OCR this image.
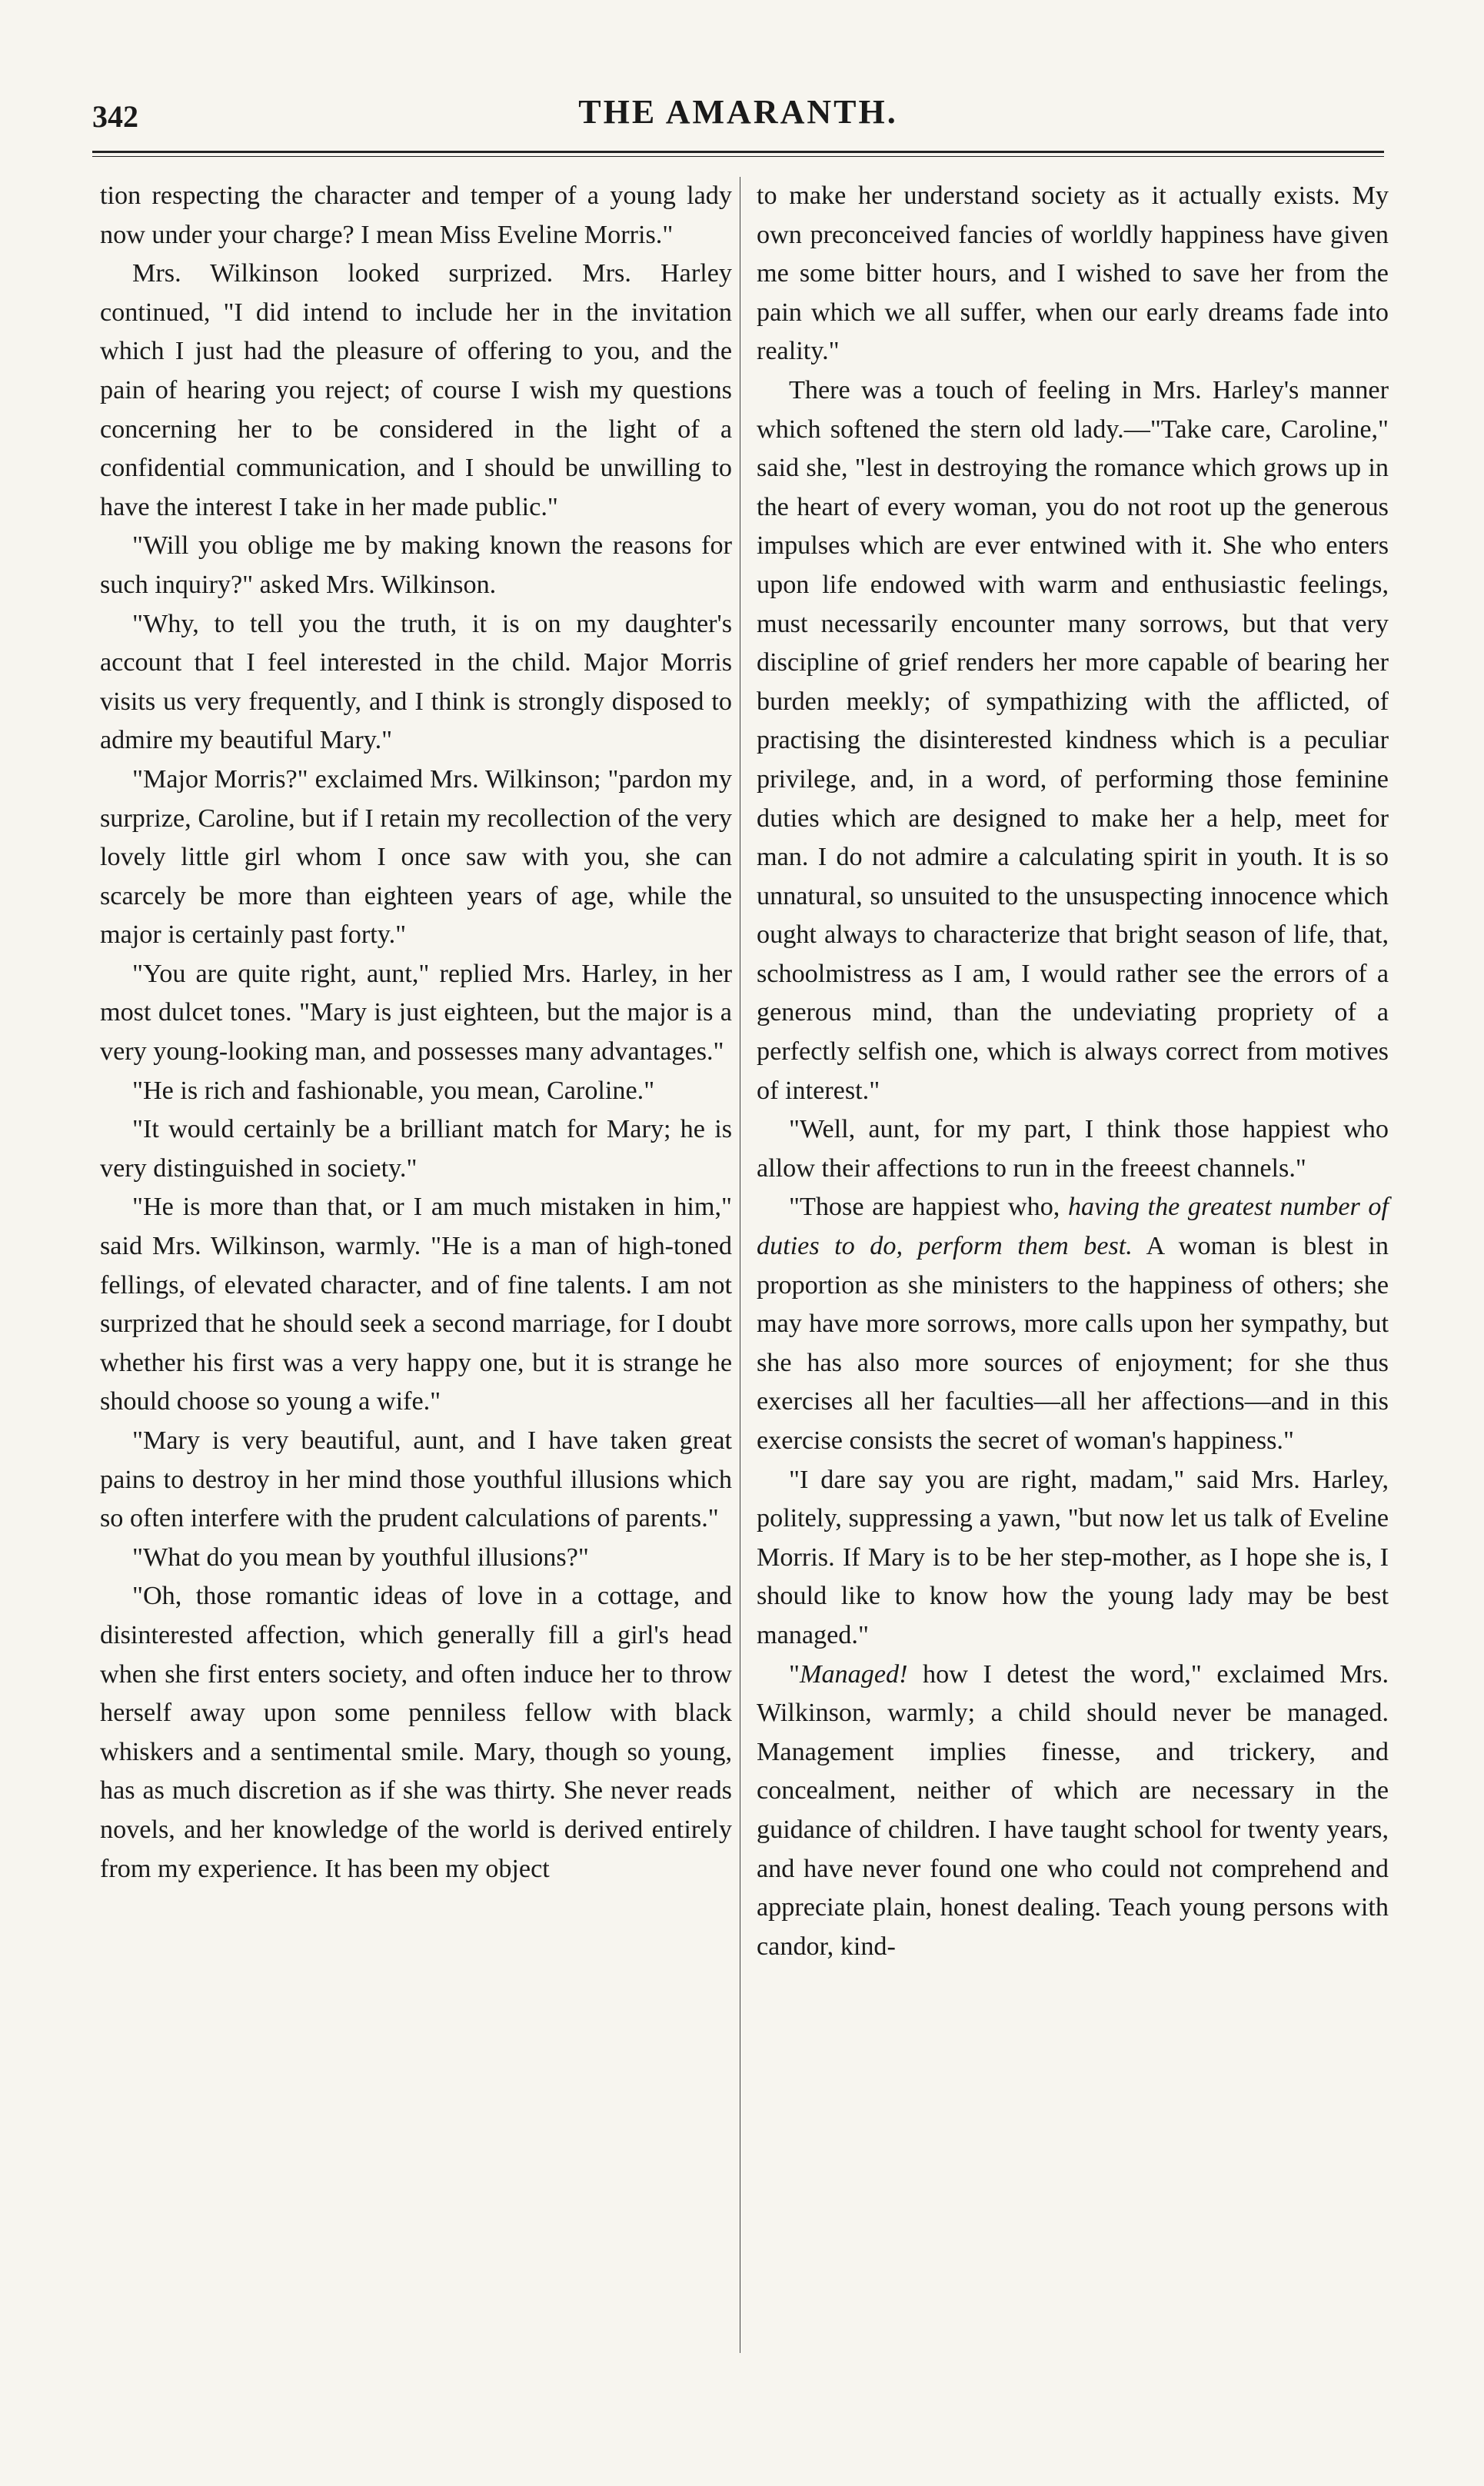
342	THE AMARANTH.

tion respecting the character and temper of a young lady now under your charge? I mean Miss Eveline Morris."

Mrs. Wilkinson looked surprized. Mrs. Harley continued, "I did intend to include her in the invitation which I just had the pleasure of offering to you, and the pain of hearing you reject; of course I wish my questions concerning her to be considered in the light of a confidential communication, and I should be unwilling to have the interest I take in her made public."

"Will you oblige me by making known the reasons for such inquiry?" asked Mrs. Wilkinson.

"Why, to tell you the truth, it is on my daughter's account that I feel interested in the child. Major Morris visits us very frequently, and I think is strongly disposed to admire my beautiful Mary."

"Major Morris?" exclaimed Mrs. Wilkinson; "pardon my surprize, Caroline, but if I retain my recollection of the very lovely little girl whom I once saw with you, she can scarcely be more than eighteen years of age, while the major is certainly past forty."

"You are quite right, aunt," replied Mrs. Harley, in her most dulcet tones. "Mary is just eighteen, but the major is a very young-looking man, and possesses many advantages."

"He is rich and fashionable, you mean, Caroline."

"It would certainly be a brilliant match for Mary; he is very distinguished in society."

"He is more than that, or I am much mistaken in him," said Mrs. Wilkinson, warmly. "He is a man of high-toned fellings, of elevated character, and of fine talents. I am not surprized that he should seek a second marriage, for I doubt whether his first was a very happy one, but it is strange he should choose so young a wife."

"Mary is very beautiful, aunt, and I have taken great pains to destroy in her mind those youthful illusions which so often interfere with the prudent calculations of parents."

"What do you mean by youthful illusions?"

"Oh, those romantic ideas of love in a cottage, and disinterested affection, which generally fill a girl's head when she first enters society, and often induce her to throw herself away upon some penniless fellow with black whiskers and a sentimental smile. Mary, though so young, has as much discretion as if she was thirty. She never reads novels, and her knowledge of the world is derived entirely from my experience. It has been my object

to make her understand society as it actually exists. My own preconceived fancies of worldly happiness have given me some bitter hours, and I wished to save her from the pain which we all suffer, when our early dreams fade into reality."

There was a touch of feeling in Mrs. Harley's manner which softened the stern old lady.—"Take care, Caroline," said she, "lest in destroying the romance which grows up in the heart of every woman, you do not root up the generous impulses which are ever entwined with it. She who enters upon life endowed with warm and enthusiastic feelings, must necessarily encounter many sorrows, but that very discipline of grief renders her more capable of bearing her burden meekly; of sympathizing with the afflicted, of practising the disinterested kindness which is a peculiar privilege, and, in a word, of performing those feminine duties which are designed to make her a help, meet for man. I do not admire a calculating spirit in youth. It is so unnatural, so unsuited to the unsuspecting innocence which ought always to characterize that bright season of life, that, schoolmistress as I am, I would rather see the errors of a generous mind, than the undeviating propriety of a perfectly selfish one, which is always correct from motives of interest."

"Well, aunt, for my part, I think those happiest who allow their affections to run in the freeest channels."

"Those are happiest who, having the greatest number of duties to do, perform them best. A woman is blest in proportion as she ministers to the happiness of others; she may have more sorrows, more calls upon her sympathy, but she has also more sources of enjoyment; for she thus exercises all her faculties—all her affections—and in this exercise consists the secret of woman's happiness."

"I dare say you are right, madam," said Mrs. Harley, politely, suppressing a yawn, "but now let us talk of Eveline Morris. If Mary is to be her step-mother, as I hope she is, I should like to know how the young lady may be best managed."

"Managed! how I detest the word," exclaimed Mrs. Wilkinson, warmly; a child should never be managed. Management implies finesse, and trickery, and concealment, neither of which are necessary in the guidance of children. I have taught school for twenty years, and have never found one who could not comprehend and appreciate plain, honest dealing. Teach young persons with candor, kind-
